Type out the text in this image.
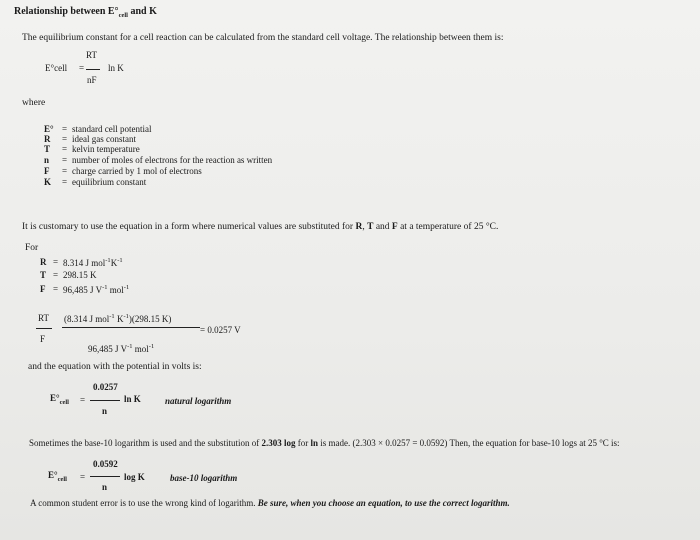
Relationship between $E^\circ_{cell}$ and K
The equilibrium constant for a cell reaction can be calculated from the standard cell voltage. The relationship between them is:
E°cell =
RT
nF
ln K
where
E° = standard cell potential
R = ideal gas constant
T = kelvin temperature
n = number of moles of electrons for the reaction as written
F = charge carried by 1 mol of electrons
K = equilibrium constant
It is customary to use the equation in a form where numerical values are substituted for R, T and F at a temperature of 25 °C.
For
R = 8.314 J $mol^{-1}K^{-1}$
T = 298.15 K
F = 96,485 J $V^{-1}$ mol$^{-1}$
RT
F
(8.314 J mol$^{-1}$ $K^{-1})(298.15$ K)
96,485 J $V^{-1}$ mol$^{-1}$
= 0.0257 V
and the equation with the potential in volts is:
$E^\circ_{cell}$ =
0.0257
n
ln K	natural logarithm
Sometimes the base-10 logarithm is used and the substitution of 2.303 log for ln is made. (2.303 × 0.0257 = 0.0592) Then, the equation for base-10 logs at 25 °C is:
$E^\circ_{cell}$ =
0.0592
n
log K	base-10 logarithm
A common student error is to use the wrong kind of logarithm. Be sure, when you choose an equation, to use the correct logarithm.
